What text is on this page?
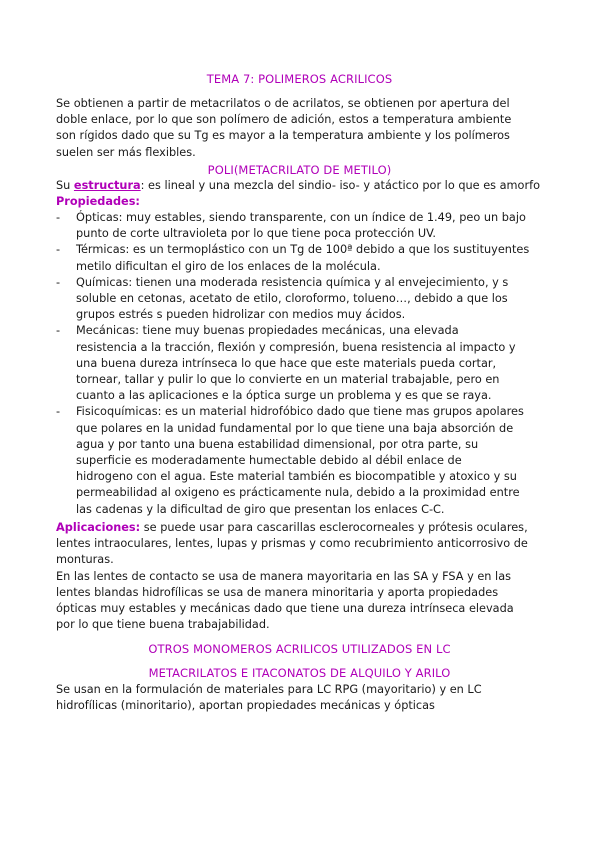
TEMA 7: POLIMEROS ACRILICOS
Se obtienen a partir de metacrilatos o de acrilatos, se obtienen por apertura del
doble enlace, por lo que son polímero de adición, estos a temperatura ambiente
son rígidos dado que su Tg es mayor a la temperatura ambiente y los polímeros
suelen ser más flexibles.
POLI(METACRILATO DE METILO)
Su estructura: es lineal y una mezcla del sindio- iso- y atáctico por lo que es amorfo
Propiedades:
- Ópticas: muy estables, siendo transparente, con un índice de 1.49, peo un bajo
punto de corte ultravioleta por lo que tiene poca protección UV.
- Térmicas: es un termoplástico con un Tg de 100ª debido a que los sustituyentes
metilo dificultan el giro de los enlaces de la molécula.
- Químicas: tienen una moderada resistencia química y al envejecimiento, y s
soluble en cetonas, acetato de etilo, cloroformo, tolueno…, debido a que los
grupos estrés s pueden hidrolizar con medios muy ácidos.
- Mecánicas: tiene muy buenas propiedades mecánicas, una elevada
resistencia a la tracción, flexión y compresión, buena resistencia al impacto y
una buena dureza intrínseca lo que hace que este materials pueda cortar,
tornear, tallar y pulir lo que lo convierte en un material trabajable, pero en
cuanto a las aplicaciones e la óptica surge un problema y es que se raya.
- Fisicoquímicas: es un material hidrofóbico dado que tiene mas grupos apolares
que polares en la unidad fundamental por lo que tiene una baja absorción de
agua y por tanto una buena estabilidad dimensional, por otra parte, su
superficie es moderadamente humectable debido al débil enlace de
hidrogeno con el agua. Este material también es biocompatible y atoxico y su
permeabilidad al oxigeno es prácticamente nula, debido a la proximidad entre
las cadenas y la dificultad de giro que presentan los enlaces C-C.
Aplicaciones: se puede usar para cascarillas esclerocorneales y prótesis oculares,
lentes intraoculares, lentes, lupas y prismas y como recubrimiento anticorrosivo de
monturas.
En las lentes de contacto se usa de manera mayoritaria en las SA y FSA y en las
lentes blandas hidrofílicas se usa de manera minoritaria y aporta propiedades
ópticas muy estables y mecánicas dado que tiene una dureza intrínseca elevada
por lo que tiene buena trabajabilidad.
OTROS MONOMEROS ACRILICOS UTILIZADOS EN LC
METACRILATOS E ITACONATOS DE ALQUILO Y ARILO
Se usan en la formulación de materiales para LC RPG (mayoritario) y en LC
hidrofílicas (minoritario), aportan propiedades mecánicas y ópticas
